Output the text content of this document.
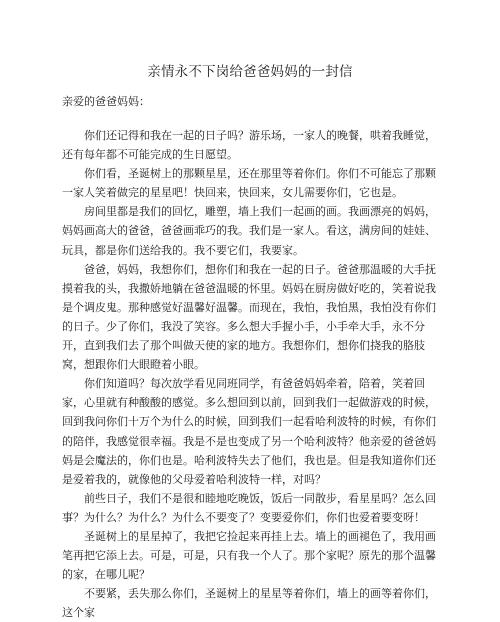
亲情永不下岗给爸爸妈妈的一封信
亲爱的爸爸妈妈：

你们还记得和我在一起的日子吗？游乐场，一家人的晚餐，哄着我睡觉，还有每年都不可能完成的生日愿望。

你们看，圣诞树上的那颗星星，还在那里等着你们。你们不可能忘了那颗一家人笑着做完的星星吧！快回来，快回来，女儿需要你们，它也是。

房间里都是我们的回忆，雕塑，墙上我们一起画的画。我画漂亮的妈妈，妈妈画高大的爸爸，爸爸画乖巧的我。我们是一家人。看这，满房间的娃娃、玩具，都是你们送给我的。我不要它们，我要家。

爸爸，妈妈，我想你们，想你们和我在一起的日子。爸爸那温暖的大手抚摸着我的头，我撒娇地躺在爸爸温暖的怀里。妈妈在厨房做好吃的，笑着说我是个调皮鬼。那种感觉好温馨好温馨。而现在，我怕，我怕黑，我怕没有你们的日子。少了你们，我没了笑容。多么想大手握小手，小手牵大手，永不分开，直到我们去了那个叫做天使的家的地方。我想你们，想你们挠我的胳肢窝，想跟你们大眼瞪着小眼。

你们知道吗？每次放学看见同班同学，有爸爸妈妈牵着，陪着，笑着回家，心里就有种酸酸的感觉。多么想回到以前，回到我们一起做游戏的时候，回到我问你们十万个为什么的时候，回到我们一起看哈利波特的时候，有你们的陪伴，我感觉很幸福。我是不是也变成了另一个哈利波特？他亲爱的爸爸妈妈是会魔法的，你们也是。哈利波特失去了他们，我也是。但是我知道你们还是爱着我的，就像他的父母爱着哈利波特一样，对吗？

前些日子，我们不是很和睦地吃晚饭，饭后一同散步，看星星吗？怎么回事？为什么？为什么？为什么不要变了？变要爱你们，你们也爱着要变呀！

圣诞树上的星星掉了，我把它捡起来再挂上去。墙上的画褪色了，我用画笔再把它添上去。可是，可是，只有我一个人了。那个家呢？原先的那个温馨的家，在哪儿呢？

不要紧，丢失那么你们，圣诞树上的星星等着你们，墙上的画等着你们，这个家
